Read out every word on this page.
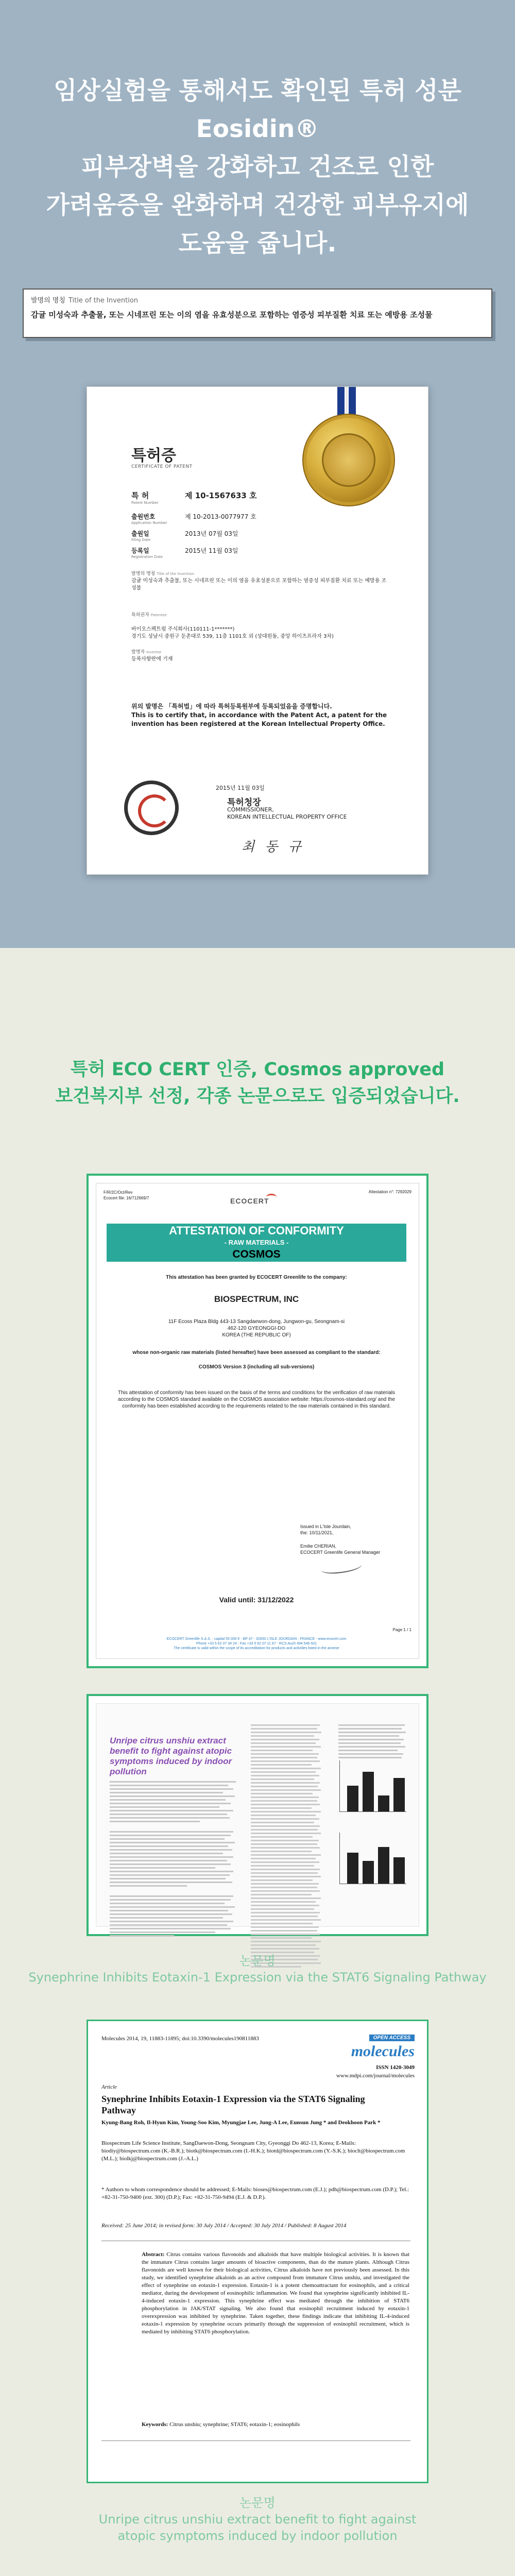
임상실험을 통해서도 확인된 특허 성분
Eosidin®
피부장벽을 강화하고 건조로 인한
가려움증을 완화하며 건강한 피부유지에
도움을 줍니다.
발명의 명칭 Title of the Invention
감귤 미성숙과 추출물, 또는 시네프린 또는 이의 염을 유효성분으로 포함하는 염증성 피부질환 치료 또는 예방용 조성물
특허증
CERTIFICATE OF PATENT
특 허
Patent Number
제 10-1567633 호
출원번호
Application Number
제 10-2013-0077977 호
출원일
Filing Date
2013년 07월 03일
등록일
Registration Date
2015년 11월 03일
발명의 명칭 Title of the Invention
감귤 미성숙과 추출물, 또는 시네프린 또는 이의 염을 유효성분으로 포함하는 염증성 피부질환 치료 또는 예방용 조성물

특허권자 Patentee

바이오스펙트럼 주식회사(110111-1*******)
경기도 성남시 중원구 둔촌대로 539, 11층 1101호 외 (상대원동, 중앙 하이츠프라자 3차)

발명자 Inventor
등록사항란에 기재
위의 발명은 「특허법」에 따라 특허등록원부에 등록되었음을 증명합니다.
This is to certify that, in accordance with the Patent Act, a patent for the invention has been registered at the Korean Intellectual Property Office.
2015년 11월 03일
특허청장
COMMISSIONER,
KOREAN INTELLECTUAL PROPERTY OFFICE
최 동 규
특허 ECO CERT 인증, Cosmos approved
보건복지부 선정, 각종 논문으로도 입증되었습니다.
F/R/2C/Oct/Rev
Ecocert file: 16/712669/7
Attestation n°: 7292029
ECOCERT
ATTESTATION OF CONFORMITY
- RAW MATERIALS -
COSMOS
This attestation has been granted by ECOCERT Greenlife to the company:
BIOSPECTRUM, INC
11F Ecoss Plaza Bldg 443-13 Sangdaewon-dong, Jungwon-gu, Seongnam-si
462-120 GYEONGGI-DO
KOREA (THE REPUBLIC OF)
whose non-organic raw materials (listed hereafter) have been assessed as compliant to the standard:
COSMOS Version 3 (including all sub-versions)
This attestation of conformity has been issued on the basis of the terms and conditions for the verification of raw materials according to the COSMOS standard available on the COSMOS association website: https://cosmos-standard.org/ and the conformity has been established according to the requirements related to the raw materials contained in this standard.
Issued in L'Isle Jourdain,
the: 10/11/2021,
Emilie CHERIAN,
ECOCERT Greenlife General Manager
Valid until: 31/12/2022
Page 1 / 1
ECOCERT Greenlife S.A.S. - capital 55 000 € - BP 47 - 32600 L'ISLE JOURDAIN - FRANCE - www.ecocert.com
Phone +33 5 62 07 34 24 - Fax +33 5 62 07 11 67 - RCS Auch 494 546 931
The certificate is valid within the scope of its accreditation for products and activities listed in the annexe
Unripe citrus unshiu extract benefit to fight against atopic symptoms induced by indoor pollution
논문명
Synephrine Inhibits Eotaxin-1 Expression via the STAT6 Signaling Pathway
Molecules 2014, 19, 11883-11895; doi:10.3390/molecules190811883	OPEN ACCESS
molecules
ISSN 1420-3049
www.mdpi.com/journal/molecules
Article
Synephrine Inhibits Eotaxin-1 Expression via the STAT6 Signaling Pathway
Kyung-Bang Roh, Il-Hyun Kim, Young-Soo Kim, Myungjae Lee, Jung-A Lee, Eunsun Jung * and Deokhoon Park *
Biospectrum Life Science Institute, SangDaewon-Dong, Seongnam City, Gyeonggi Do 462-13, Korea; E-Mails: biodiy@biospectrum.com (K.-B.R.); biotk@biospectrum.com (I.-H.K.); biotd@biospectrum.com (Y.-S.K.); bioclt@biospectrum.com (M.L.); biolkj@biospectrum.com (J.-A.L.)
* Authors to whom correspondence should be addressed; E-Mails: bioses@biospectrum.com (E.J.); pdh@biospectrum.com (D.P.); Tel.: +82-31-750-9400 (ext. 300) (D.P.); Fax: +82-31-750-9494 (E.J. & D.P.).
Received: 25 June 2014; in revised form: 30 July 2014 / Accepted: 30 July 2014 / Published: 8 August 2014
Abstract: Citrus contains various flavonoids and alkaloids that have multiple biological activities. It is known that the immature Citrus contains larger amounts of bioactive components, than do the mature plants. Although Citrus flavonoids are well known for their biological activities, Citrus alkaloids have not previously been assessed. In this study, we identified synephrine alkaloids as an active compound from immature Citrus unshiu, and investigated the effect of synephrine on eotaxin-1 expression. Eotaxin-1 is a potent chemoattractant for eosinophils, and a critical mediator, during the development of eosinophilic inflammation. We found that synephrine significantly inhibited IL-4-induced eotaxin-1 expression. This synephrine effect was mediated through the inhibition of STAT6 phosphorylation in JAK/STAT signaling. We also found that eosinophil recruitment induced by eotaxin-1 overexpression was inhibited by synephrine. Taken together, these findings indicate that inhibiting IL-4-induced eotaxin-1 expression by synephrine occurs primarily through the suppression of eosinophil recruitment, which is mediated by inhibiting STAT6 phosphorylation.
Keywords: Citrus unshiu; synephrine; STAT6; eotaxin-1; eosinophils
논문명
Unripe citrus unshiu extract benefit to fight against
atopic symptoms induced by indoor pollution
